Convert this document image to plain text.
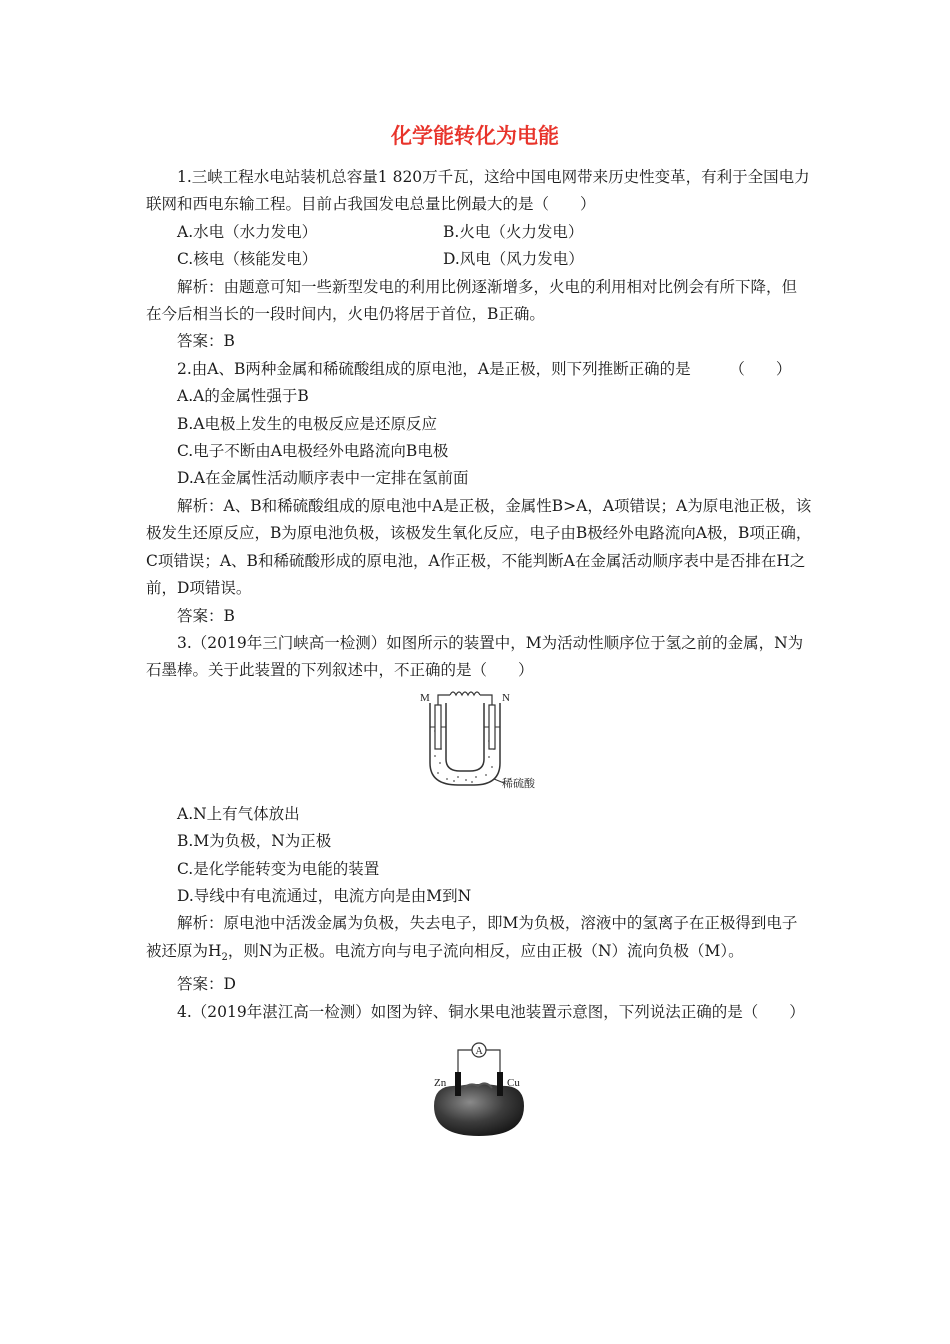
化学能转化为电能

1.三峡工程水电站装机总容量1 820万千瓦，这给中国电网带来历史性变革，有利于全国电力联网和西电东输工程。目前占我国发电总量比例最大的是（　　）

A.水电（水力发电）	B.火电（火力发电）
C.核电（核能发电）	D.风电（风力发电）

解析：由题意可知一些新型发电的利用比例逐渐增多，火电的利用相对比例会有所下降，但在今后相当长的一段时间内，火电仍将居于首位，B正确。

答案：B

2.由A、B两种金属和稀硫酸组成的原电池，A是正极，则下列推断正确的是　　　（　　）

A.A的金属性强于B

B.A电极上发生的电极反应是还原反应

C.电子不断由A电极经外电路流向B电极

D.A在金属性活动顺序表中一定排在氢前面

解析：A、B和稀硫酸组成的原电池中A是正极，金属性B>A，A项错误；A为原电池正极，该极发生还原反应，B为原电池负极，该极发生氧化反应，电子由B极经外电路流向A极，B项正确，C项错误；A、B和稀硫酸形成的原电池，A作正极，不能判断A在金属活动顺序表中是否排在H之前，D项错误。

答案：B

3.（2019年三门峡高一检测）如图所示的装置中，M为活动性顺序位于氢之前的金属，N为石墨棒。关于此装置的下列叙述中，不正确的是（　　）

M	N
稀硫酸

A.N上有气体放出

B.M为负极，N为正极

C.是化学能转变为电能的装置

D.导线中有电流通过，电流方向是由M到N

解析：原电池中活泼金属为负极，失去电子，即M为负极，溶液中的氢离子在正极得到电子被还原为$H_2$，则N为正极。电流方向与电子流向相反，应由正极（N）流向负极（M）。

答案：D

4.（2019年湛江高一检测）如图为锌、铜水果电池装置示意图，下列说法正确的是（　　）

A
Zn	Cu
